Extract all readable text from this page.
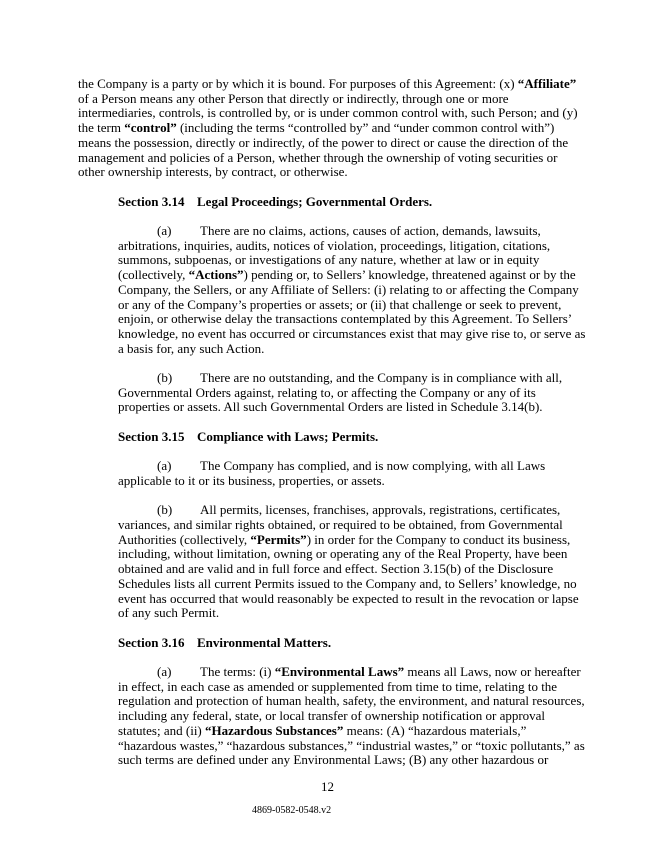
the Company is a party or by which it is bound. For purposes of this Agreement: (x) “Affiliate”
of a Person means any other Person that directly or indirectly, through one or more
intermediaries, controls, is controlled by, or is under common control with, such Person; and (y)
the term “control” (including the terms “controlled by” and “under common control with”)
means the possession, directly or indirectly, of the power to direct or cause the direction of the
management and policies of a Person, whether through the ownership of voting securities or
other ownership interests, by contract, or otherwise.
Section 3.14 Legal Proceedings; Governmental Orders.
(a) There are no claims, actions, causes of action, demands, lawsuits,
arbitrations, inquiries, audits, notices of violation, proceedings, litigation, citations,
summons, subpoenas, or investigations of any nature, whether at law or in equity
(collectively, “Actions”) pending or, to Sellers’ knowledge, threatened against or by the
Company, the Sellers, or any Affiliate of Sellers: (i) relating to or affecting the Company
or any of the Company’s properties or assets; or (ii) that challenge or seek to prevent,
enjoin, or otherwise delay the transactions contemplated by this Agreement. To Sellers’
knowledge, no event has occurred or circumstances exist that may give rise to, or serve as
a basis for, any such Action.
(b) There are no outstanding, and the Company is in compliance with all,
Governmental Orders against, relating to, or affecting the Company or any of its
properties or assets. All such Governmental Orders are listed in Schedule 3.14(b).
Section 3.15 Compliance with Laws; Permits.
(a) The Company has complied, and is now complying, with all Laws
applicable to it or its business, properties, or assets.
(b) All permits, licenses, franchises, approvals, registrations, certificates,
variances, and similar rights obtained, or required to be obtained, from Governmental
Authorities (collectively, “Permits”) in order for the Company to conduct its business,
including, without limitation, owning or operating any of the Real Property, have been
obtained and are valid and in full force and effect. Section 3.15(b) of the Disclosure
Schedules lists all current Permits issued to the Company and, to Sellers’ knowledge, no
event has occurred that would reasonably be expected to result in the revocation or lapse
of any such Permit.
Section 3.16 Environmental Matters.
(a) The terms: (i) “Environmental Laws” means all Laws, now or hereafter
in effect, in each case as amended or supplemented from time to time, relating to the
regulation and protection of human health, safety, the environment, and natural resources,
including any federal, state, or local transfer of ownership notification or approval
statutes; and (ii) “Hazardous Substances” means: (A) “hazardous materials,”
“hazardous wastes,” “hazardous substances,” “industrial wastes,” or “toxic pollutants,” as
such terms are defined under any Environmental Laws; (B) any other hazardous or
12
4869-0582-0548.v2
